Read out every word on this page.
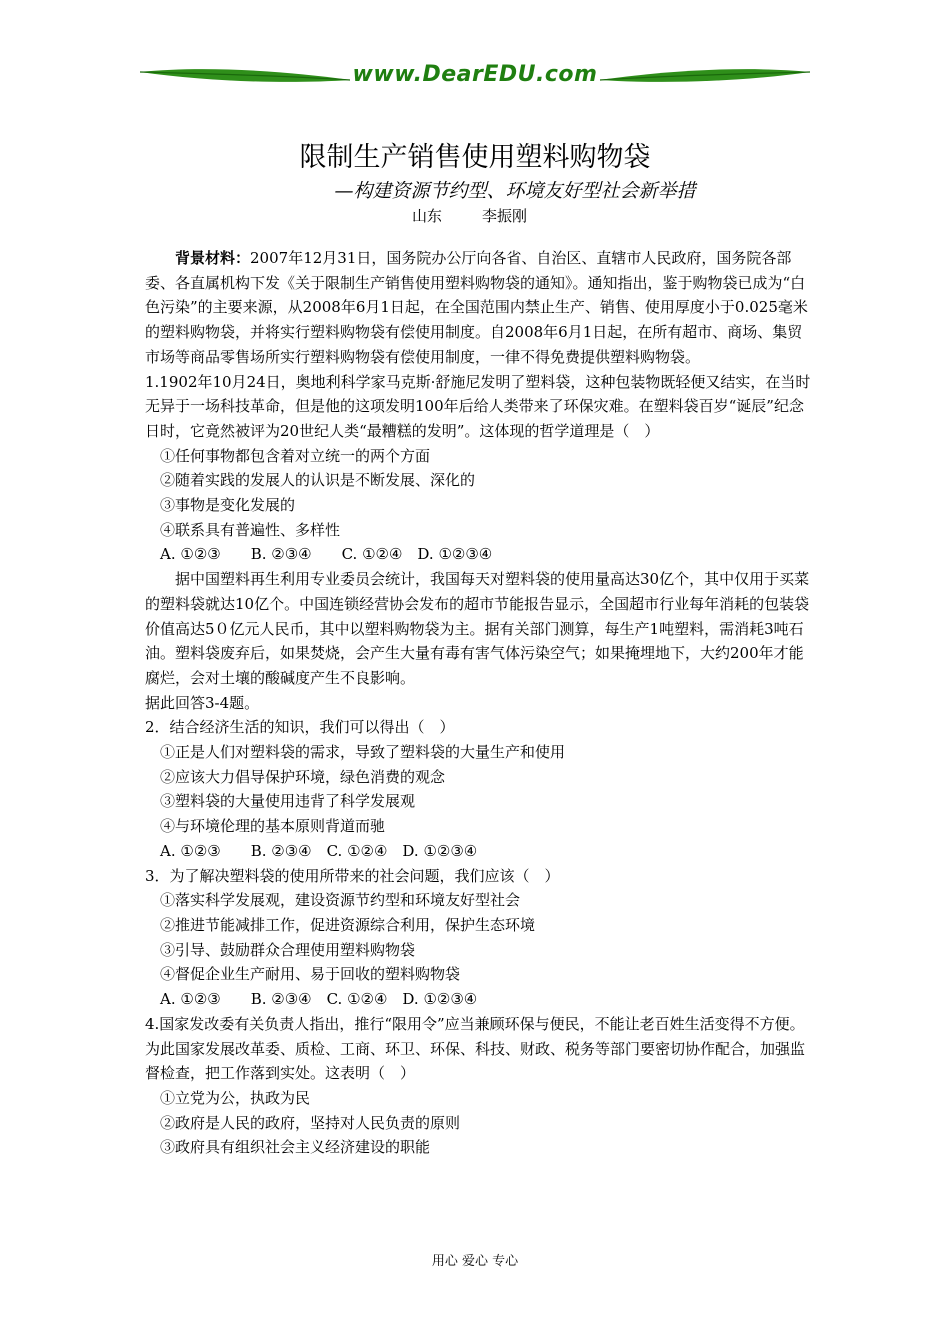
www.DearEDU.com
限制生产销售使用塑料购物袋
—构建资源节约型、环境友好型社会新举措
山东	李振刚

背景材料：2007年12月31日，国务院办公厅向各省、自治区、直辖市人民政府，国务院各部委、各直属机构下发《关于限制生产销售使用塑料购物袋的通知》。通知指出，鉴于购物袋已成为“白色污染”的主要来源，从2008年6月1日起，在全国范围内禁止生产、销售、使用厚度小于0.025毫米的塑料购物袋，并将实行塑料购物袋有偿使用制度。自2008年6月1日起，在所有超市、商场、集贸市场等商品零售场所实行塑料购物袋有偿使用制度，一律不得免费提供塑料购物袋。

1.1902年10月24日，奥地利科学家马克斯·舒施尼发明了塑料袋，这种包装物既轻便又结实，在当时无异于一场科技革命，但是他的这项发明100年后给人类带来了环保灾难。在塑料袋百岁“诞辰”纪念日时，它竟然被评为20世纪人类“最糟糕的发明”。这体现的哲学道理是（　）

①任何事物都包含着对立统一的两个方面

②随着实践的发展人的认识是不断发展、深化的

③事物是变化发展的

④联系具有普遍性、多样性

A. ①②③　　B. ②③④　　C. ①②④　D. ①②③④

据中国塑料再生利用专业委员会统计，我国每天对塑料袋的使用量高达30亿个，其中仅用于买菜的塑料袋就达10亿个。中国连锁经营协会发布的超市节能报告显示，全国超市行业每年消耗的包装袋价值高达5０亿元人民币，其中以塑料购物袋为主。据有关部门测算，每生产1吨塑料，需消耗3吨石油。塑料袋废弃后，如果焚烧，会产生大量有毒有害气体污染空气；如果掩埋地下，大约200年才能腐烂，会对土壤的酸碱度产生不良影响。

据此回答3-4题。

2．结合经济生活的知识，我们可以得出（　）

①正是人们对塑料袋的需求，导致了塑料袋的大量生产和使用

②应该大力倡导保护环境，绿色消费的观念

③塑料袋的大量使用违背了科学发展观

④与环境伦理的基本原则背道而驰

A. ①②③　　B. ②③④　C. ①②④　D. ①②③④

3．为了解决塑料袋的使用所带来的社会问题，我们应该（　）

①落实科学发展观，建设资源节约型和环境友好型社会

②推进节能减排工作，促进资源综合利用，保护生态环境

③引导、鼓励群众合理使用塑料购物袋

④督促企业生产耐用、易于回收的塑料购物袋

A. ①②③　　B. ②③④　C. ①②④　D. ①②③④

4.国家发改委有关负责人指出，推行“限用令”应当兼顾环保与便民，不能让老百姓生活变得不方便。为此国家发展改革委、质检、工商、环卫、环保、科技、财政、税务等部门要密切协作配合，加强监督检查，把工作落到实处。这表明（　）

①立党为公，执政为民

②政府是人民的政府，坚持对人民负责的原则

③政府具有组织社会主义经济建设的职能

用心 爱心 专心
